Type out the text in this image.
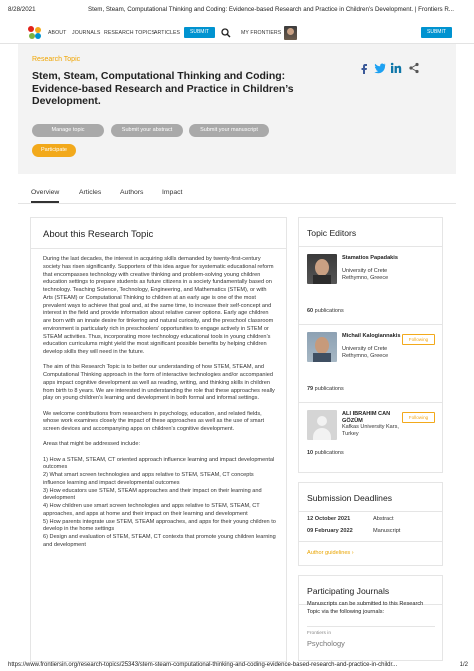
8/28/2021	Stem, Steam, Computational Thinking and Coding: Evidence-based Research and Practice in Children’s Development. | Frontiers R...
ABOUT JOURNALS RESEARCH TOPICS ARTICLES	SUBMIT	MY FRONTIERS	SUBMIT
Research Topic
Stem, Steam, Computational Thinking and Coding: Evidence-based Research and Practice in Children’s Development.
Manage topic	Submit your abstract	Submit your manuscript
Participate
Overview	Articles	Authors	Impact
About this Research Topic

During the last decades, the interest in acquiring skills demanded by twenty-first-century society has risen significantly. Supporters of this idea argue for systematic educational reform that encompasses technology with creative thinking and problem-solving young children education settings to prepare students as future citizens in a society fundamentally based on technology. Teaching Science, Technology, Engineering, and Mathematics (STEM), or with Arts (STEAM) or Computational Thinking to children at an early age is one of the most prevalent ways to achieve that goal and, at the same time, to increase their self-concept and interest in the field and provide information about relative career options. Early age children are born with an innate desire for tinkering and natural curiosity, and the preschool classroom environment is particularly rich in preschoolers’ opportunities to engage actively in STEM or STEAM activities. Thus, incorporating more technology educational tools in young children’s education curriculums might yield the most significant possible benefits by helping children develop skills they will need in the future.

The aim of this Research Topic is to better our understanding of how STEM, STEAM, and Computational Thinking approach in the form of interactive technologies and/or accompanied apps impact cognitive development as well as reading, writing, and thinking skills in children from birth to 8 years. We are interested in understanding the role that these approaches really play on young children’s learning and development in both formal and informal settings.

We welcome contributions from researchers in psychology, education, and related fields, whose work examines closely the impact of these approaches as well as the use of smart screen devices and accompanying apps on children’s cognitive development.

Areas that might be addressed include:

1) How a STEM, STEAM, CT oriented approach influence learning and impact developmental outcomes
2) What smart screen technologies and apps relative to STEM, STEAM, CT concepts influence learning and impact developmental outcomes
3) How educators use STEM, STEAM approaches and their impact on their learning and development
4) How children use smart screen technologies and apps relative to STEM, STEAM, CT approaches, and apps at home and their impact on their learning and development
5) How parents integrate use STEM, STEAM approaches, and apps for their young children to develop in the home settings
6) Design and evaluation of STEM, STEAM, CT contexts that promote young children learning and development
Topic Editors
Stamatios Papadakis
University of Crete Rethymno, Greece
60 publications
Michail Kalogiannakis
University of Crete Rethymno, Greece
Following
79 publications
ALI IBRAHIM CAN GÖZÜM
Kafkas University Kars, Turkey
Following
10 publications
Submission Deadlines
12 October 2021	Abstract
09 February 2022	Manuscript
Author guidelines ›
Participating Journals
Manuscripts can be submitted to this Research Topic via the following journals:
Frontiers in
Psychology
https://www.frontiersin.org/research-topics/25343/stem-steam-computational-thinking-and-coding-evidence-based-research-and-practice-in-childr...	1/2
